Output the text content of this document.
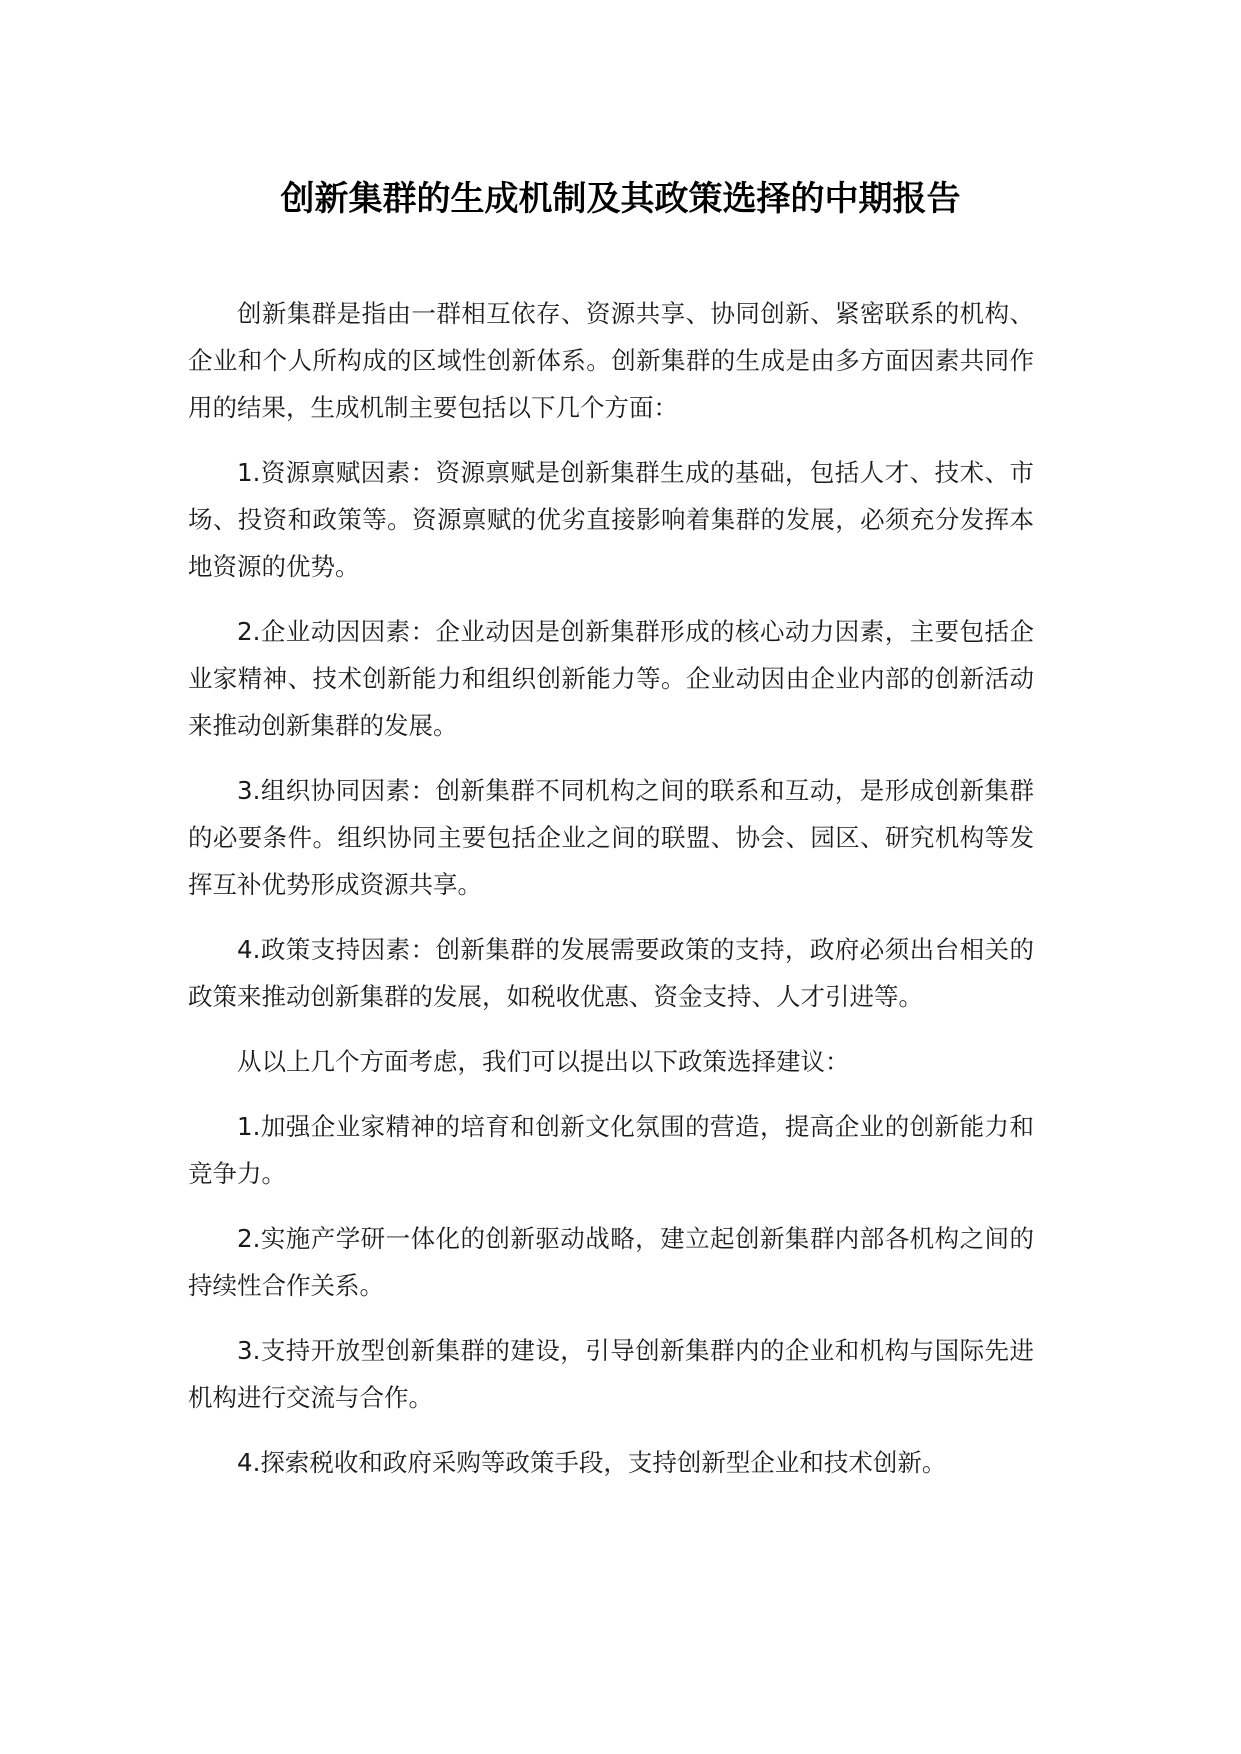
创新集群的生成机制及其政策选择的中期报告

创新集群是指由一群相互依存、资源共享、协同创新、紧密联系的机构、企业和个人所构成的区域性创新体系。创新集群的生成是由多方面因素共同作用的结果，生成机制主要包括以下几个方面：

1.资源禀赋因素：资源禀赋是创新集群生成的基础，包括人才、技术、市场、投资和政策等。资源禀赋的优劣直接影响着集群的发展，必须充分发挥本地资源的优势。

2.企业动因因素：企业动因是创新集群形成的核心动力因素，主要包括企业家精神、技术创新能力和组织创新能力等。企业动因由企业内部的创新活动来推动创新集群的发展。

3.组织协同因素：创新集群不同机构之间的联系和互动，是形成创新集群的必要条件。组织协同主要包括企业之间的联盟、协会、园区、研究机构等发挥互补优势形成资源共享。

4.政策支持因素：创新集群的发展需要政策的支持，政府必须出台相关的政策来推动创新集群的发展，如税收优惠、资金支持、人才引进等。

从以上几个方面考虑，我们可以提出以下政策选择建议：

1.加强企业家精神的培育和创新文化氛围的营造，提高企业的创新能力和竞争力。

2.实施产学研一体化的创新驱动战略，建立起创新集群内部各机构之间的持续性合作关系。

3.支持开放型创新集群的建设，引导创新集群内的企业和机构与国际先进机构进行交流与合作。

4.探索税收和政府采购等政策手段，支持创新型企业和技术创新。
